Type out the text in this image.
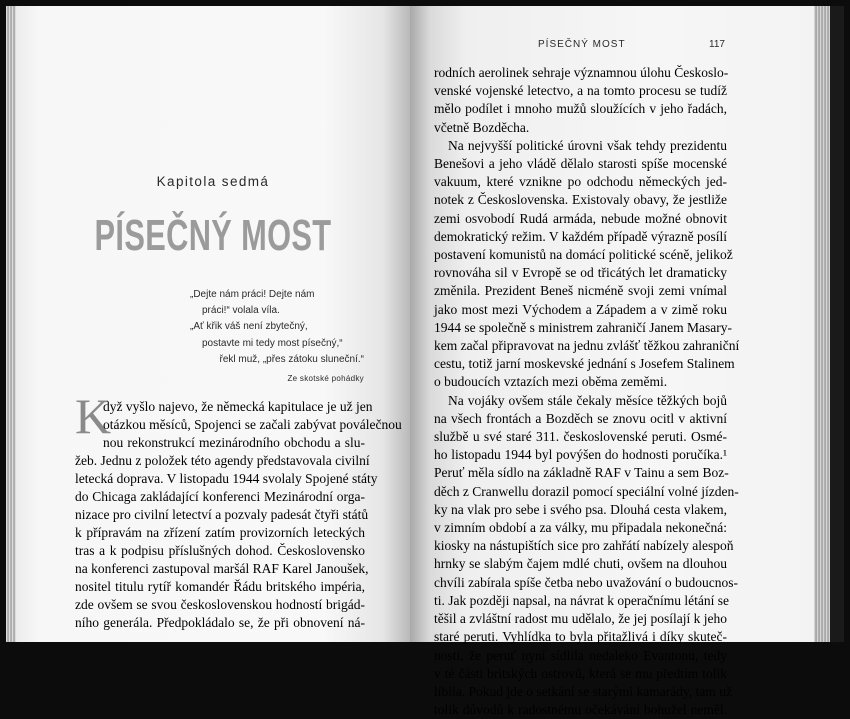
Kapitola sedmá
PÍSEČNÝ MOST
„Dejte nám práci! Dejte nám
práci!“ volala víla.
„Ať křik váš není zbytečný,
postavte mi tedy most písečný,“
řekl muž, „přes zátoku sluneční.“
Ze skotské pohádky
K
dyž vyšlo najevo, že německá kapitulace je už jen
otázkou měsíců, Spojenci se začali zabývat poválečnou
nou rekonstrukcí mezinárodního obchodu a slu-
žeb. Jednu z položek této agendy představovala civilní
letecká doprava. V listopadu 1944 svolaly Spojené státy
do Chicaga zakládající konferenci Mezinárodní orga-
nizace pro civilní letectví a pozvaly padesát čtyři států
k přípravám na zřízení zatím provizorních leteckých
tras a k podpisu příslušných dohod. Československo
na konferenci zastupoval maršál RAF Karel Janoušek,
nositel titulu rytíř komandér Řádu britského impéria,
zde ovšem se svou československou hodností brigád-
ního generála. Předpokládalo se, že při obnovení ná-
PÍSEČNÝ MOST	117
rodních aerolinek sehraje významnou úlohu Českoslo-
venské vojenské letectvo, a na tomto procesu se tudíž
mělo podílet i mnoho mužů sloužících v jeho řadách,
včetně Bozděcha.
Na nejvyšší politické úrovni však tehdy prezidentu
Benešovi a jeho vládě dělalo starosti spíše mocenské
vakuum, které vznikne po odchodu německých jed-
notek z Československa. Existovaly obavy, že jestliže
zemi osvobodí Rudá armáda, nebude možné obnovit
demokratický režim. V každém případě výrazně posílí
postavení komunistů na domácí politické scéně, jelikož
rovnováha sil v Evropě se od třicátých let dramaticky
změnila. Prezident Beneš nicméně svoji zemi vnímal
jako most mezi Východem a Západem a v zimě roku
1944 se společně s ministrem zahraničí Janem Masary-
kem začal připravovat na jednu zvlášť těžkou zahraniční
cestu, totiž jarní moskevské jednání s Josefem Stalinem
o budoucích vztazích mezi oběma zeměmi.
Na vojáky ovšem stále čekaly měsíce těžkých bojů
na všech frontách a Bozděch se znovu ocitl v aktivní
službě u své staré 311. československé peruti. Osmé-
ho listopadu 1944 byl povýšen do hodnosti poručíka.¹
Peruť měla sídlo na základně RAF v Tainu a sem Boz-
děch z Cranwellu dorazil pomocí speciální volné jízden-
ky na vlak pro sebe i svého psa. Dlouhá cesta vlakem,
v zimním období a za války, mu připadala nekonečná:
kiosky na nástupištích sice pro zahřátí nabízely alespoň
hrnky se slabým čajem mdlé chuti, ovšem na dlouhou
chvíli zabírala spíše četba nebo uvažování o budoucnos-
ti. Jak později napsal, na návrat k operačnímu létání se
těšil a zvláštní radost mu udělalo, že jej posílají k jeho
staré peruti. Vyhlídka to byla přitažlivá i díky skuteč-
nosti, že peruť nyní sídlila nedaleko Evantonu, tedy
v té části britských ostrovů, která se mu předtím tolik
líbila. Pokud jde o setkání se starými kamarády, tam už
tolik důvodů k radostnému očekávání bohužel neměl.
